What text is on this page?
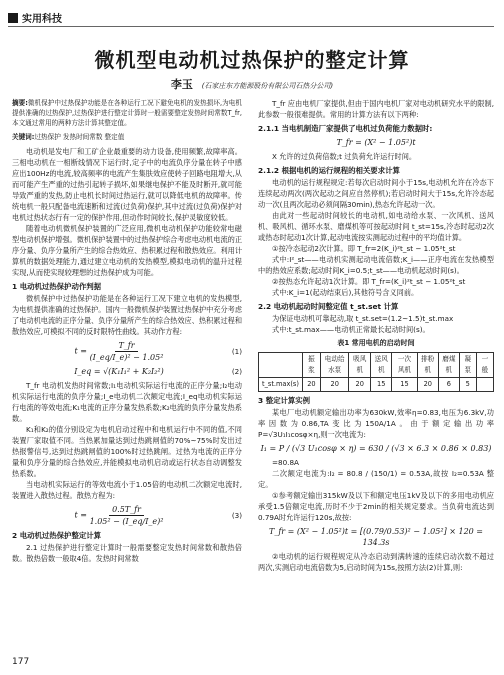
实用科技
微机型电动机过热保护的整定计算
李玉 (石家庄东方能源股份有限公司石热分公司)

摘要:微机保护中过热保护功能是在各种运行工况下避免电机的发热损坏,为电机提供准确的过热保护,过热保护进行整定计算时一般需要整定发热时间常数T_fr,本文通过常用的两种方法计算其整定值。

关键词:过热保护 发热时间常数 整定值

电动机是发电厂和工矿企业最重要的动力设备,使用频繁,故障率高。三相电动机在一相断线情况下运行时,定子中的电流负序分量在转子中感应出100Hz的电流,较高频率的电流产生集肤效应使转子回路电阻增大,从而可能产生严重的过热引起转子损坏,如果继电保护不能及时断开,就可能导致严重的发热,防止电机长时间过热运行,就可以降低电机的故障率。传统电机一般只配备电流速断和过流(过负荷)保护,其中过流(过负荷)保护对电机过热状态行有一定的保护作用,但动作时间较长,保护灵敏度较低。

随着电动机微机保护装置的广泛应用,微机电动机保护功能较常电磁型电动机保护增强。微机保护装置中的过热保护综合考虑电动机电流的正序分量、负序分量所产生的综合热效应、热积累过程和散热效应。利用计算机的数据处理能力,通过建立电动机的发热模型,模拟电动机的温升过程实现,从而使实现较理想的过热保护成为可能。

1 电动机过热保护动作判据

微机保护中过热保护功能是在各种运行工况下建立电机的发热模型,为电机提供准确的过热保护。国内一般微机保护装置过热保护中充分考虑了电动机电流的正序分量、负序分量所产生的综合热效应、热积累过程和散热效应,可模拟不同的反时限特性曲线。其动作方程:

$t = \frac{T\_fr}{\text{(I\_eq/I\_e)² − 1.05²}}$	(1)
I_eq = √(K₁I₁² + K₂I₂²)	(2)

T_fr 电动机发热时间常数;I₁电动机实际运行电流的正序分量;I₂电动机实际运行电流的负序分量;I_e电动机二次额定电流;I_eq电动机实际运行电流的等效电流;K₁电流的正序分量发热系数;K₂电流的负序分量发热系数。

K₁和K₂的值分别设定为电机启动过程中和电机运行中不同的值,不同装置厂家取值不同。当热累加量达到过热跳闸值的70%~75%时发出过热报警信号,达到过热跳闸值的100%时过热跳闸。过热为电流的正序分量和负序分量的综合热效应,并能模拟电动机启动或运行状态自动调整发热系数。

当电动机实际运行的等效电流小于1.05倍的电动机二次额定电流时,装置进入散热过程。散热方程为:

$t = \frac{0.5T\_fr}{\text{1.05² − (I\_eq/I\_e)²}}$	(3)

2 电动机过热保护整定计算

2.1 过热保护进行整定计算时一般需要整定发热时间常数和散热倍数。散热倍数一般取4倍。发热时间常数

T_fr 应由电机厂家提供,但由于国内电机厂家对电动机研究水平的限制,此参数一般很难提供。常用的计算方法有以下两种:

2.1.1 当电机制造厂家提供了电机过负荷能力数据时:

T_fr = (X² − 1.05²)t

X 允许的过负荷倍数;t 过负荷允许运行时间。

2.1.2 根据电机的运行规程的相关要求计算

电动机的运行规程规定:若每次启动时间小于15s,电动机允许在冷态下连续起动两次(两次起动之间应自然停机);若启动时间大于15s,允许冷态起动一次(且两次起动必须间隔30min),热态允许起动一次。

由此对一些起动时间较长的电动机,如电动给水泵、一次风机、送风机、吸风机、循环水泵、磨煤机等可按起动时间 t_st=15s,冷态时起动2次或热态时起动1次计算,起动电流按实测起动过程中的平均值计算。

①按冷态起动2次计算。即 T_fr=2(K_i)²t_st − 1.05²t_st

式中:I²_st——电动机实测起动电流倍数;K_i——正序电流在发热模型中的热效应系数;起动时间K_i=0.5;t_st——电动机起动时间(s)。

②按热态允许起动1次计算。即 T_fr=(K_i)²t_st − 1.05²t_st

式中:K_i=1(起动结束后),其他符号含义同前。

2.2 电动机起动时间整定值 t_st.set 计算

为保证电动机可靠起动,取 t_st.set=(1.2~1.5)t_st.max

式中:t_st.max——电动机正常最长起动时间(s)。

表1 常用电机的启动时间
	振浆	电动给水泵	吸风机	送风机	一次风机	排粉机	磨煤机	凝泵	一般
t_st.max(s)	20	20	20	15	15	20	6	5	

3 整定计算实例

某电厂电动机额定输出功率为630kW,效率η=0.83,电压为6.3kV,功率因数为0.86,TA变比为150A/1A。由于额定输出功率 P=√3U₁I₁cosφ×η,则一次电流为:

I₁ = P / (√3 U₁cosφ × η) = 630 / (√3 × 6.3 × 0.86 × 0.83)

=80.8A

二次额定电流为:I₂ = 80.8 / (150/1) = 0.53A,故按 I₂=0.53A 整定。

①参考额定输出315kW及以下和额定电压1kV及以下的多用电动机应承受1.5倍额定电流,历时不少于2min的相关规定要求。当负荷电流达到0.79A时允许运行120s,故按:

T_fr = (X² − 1.05²)t = [(0.79/0.53)² − 1.05²] × 120 = 134.3s

②电动机的运行规程规定从冷态启动到满转速的连续启动次数不超过两次,实测启动电流倍数为5,启动时间为15s,按照方法(2)计算,则:

177
